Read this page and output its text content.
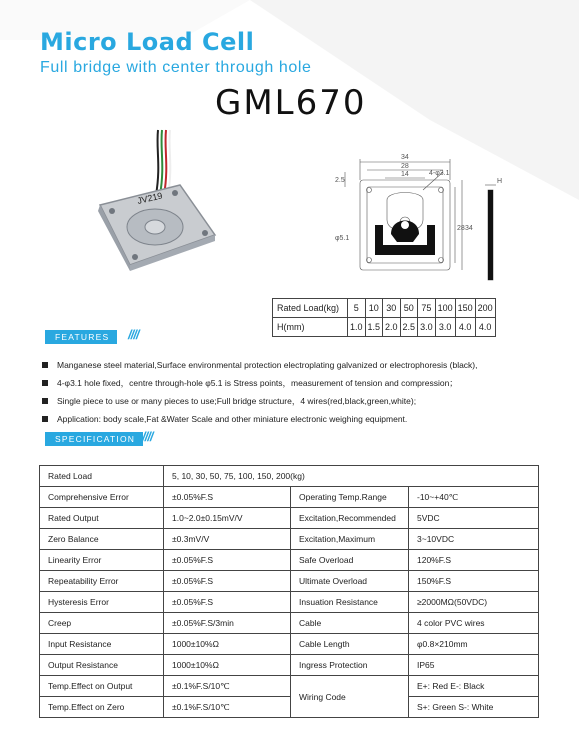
Micro Load Cell
Full bridge with center through hole
GML670
JV219
34
28
14
2.5
28 34
4-φ3.1
φ5.1
H
Rated Load(kg)	5	10	30	50	75	100	150	200
H(mm)	1.0	1.5	2.0	2.5	3.0	3.0	4.0	4.0
FEATURES	////
Manganese steel material,Surface environmental protection electroplating galvanized or electrophoresis (black),
4-φ3.1 hole fixed，centre through-hole φ5.1 is Stress points，measurement of tension and compression；
Single piece to use or many pieces to use;Full bridge structure，4 wires(red,black,green,white);
Application: body scale,Fat &Water Scale and other miniature electronic weighing equipment.
SPECIFICATION ////
Rated Load	5, 10, 30, 50, 75, 100, 150, 200(kg)		
Comprehensive Error	±0.05%F.S	Operating Temp.Range	-10~+40℃
Rated Output	1.0~2.0±0.15mV/V	Excitation,Recommended	5VDC
Zero Balance	±0.3mV/V	Excitation,Maximum	3~10VDC
Linearity Error	±0.05%F.S	Safe Overload	120%F.S
Repeatability Error	±0.05%F.S	Ultimate Overload	150%F.S
Hysteresis Error	±0.05%F.S	Insuation Resistance	≥2000MΩ(50VDC)
Creep	±0.05%F.S/3min	Cable	4 color PVC wires
Input Resistance	1000±10%Ω	Cable Length	φ0.8×210mm
Output Resistance	1000±10%Ω	Ingress Protection	IP65
Temp.Effect on Output	±0.1%F.S/10℃	Wiring Code	E+: Red E-: Black
Temp.Effect on Zero	±0.1%F.S/10℃		S+: Green S-: White
